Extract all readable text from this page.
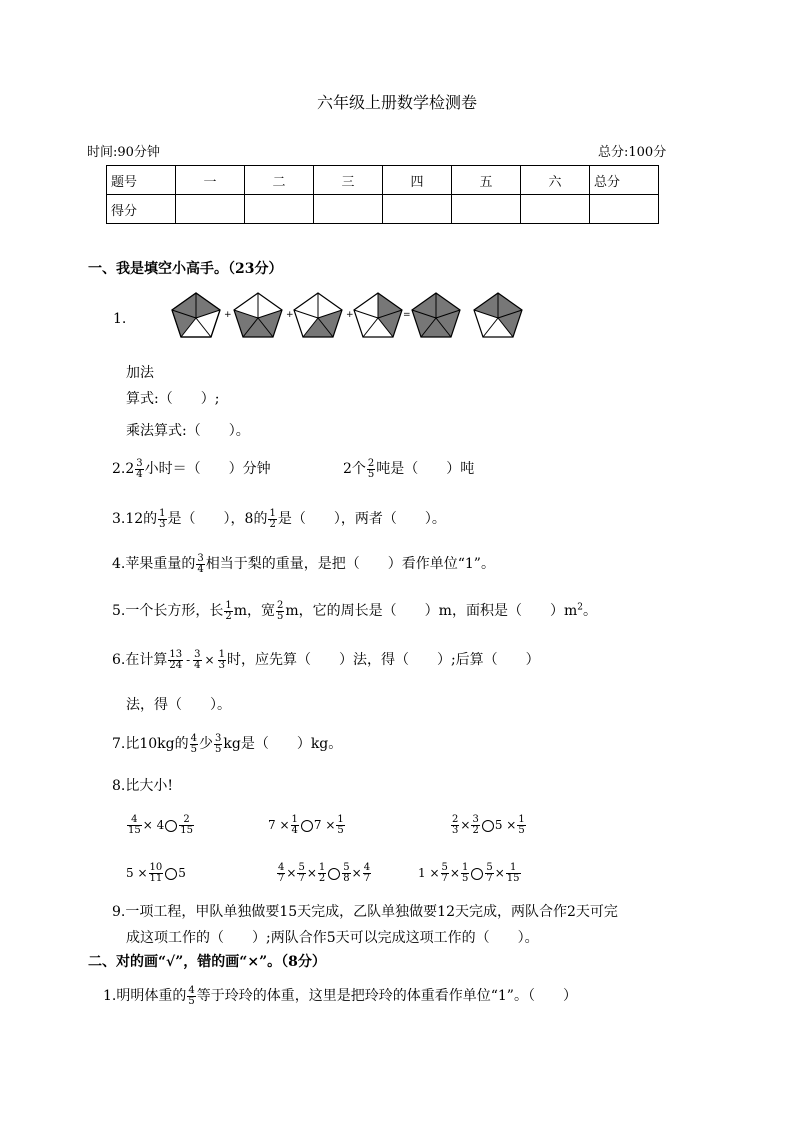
六年级上册数学检测卷
时间:90分钟	总分:100分
题号	一	二	三	四	五	六	总分
得分							
一、我是填空小高手。（23分）
1.	+	+	+	=
加法
算式:（　　）;
乘法算式:（　　）。
$2.2 \frac{3}{4}$ 小时＝（　　）分钟	2个 $\frac{2}{5}$ 吨是（　　）吨
3.12的 $\frac{1}{3}$ 是（　　），8的 $\frac{1}{2}$ 是（　　），两者（　　）。
4.苹果重量的 $\frac{3}{4}$ 相当于梨的重量，是把（　　）看作单位“1”。
5.一个长方形，长 $\frac{1}{2}$ m，宽 $\frac{2}{5}$ m，它的周长是（　　）m，面积是（　　）$m^2$。
6.在计算 $\frac{13}{24} - \frac{3}{4} \times \frac{1}{3}$ 时，应先算（　　）法，得（　　）;后算（　　）
法，得（　　）。
7.比10kg的 $\frac{4}{5}$ 少 $\frac{3}{5}$ kg是（　　）kg。
8.比大小!
$\frac{4}{15} \times 4 \frac{2}{15}$	$7 \times \frac{1}{4} 7 \times \frac{1}{5}$	$\frac{2}{3} \times \frac{3}{2} 5 \times \frac{1}{5}$
$5 \times \frac{10}{11} 5$	$\frac{4}{7} \times \frac{5}{7} \times \frac{1}{2} \frac{5}{8} \times \frac{4}{7}$	$1 \times \frac{5}{7} \times \frac{1}{5} \frac{5}{7} \times \frac{1}{15}$
9.一项工程，甲队单独做要15天完成，乙队单独做要12天完成，两队合作2天可完
成这项工作的（　　）;两队合作5天可以完成这项工作的（　　）。
二、对的画“√”，错的画“×”。（8分）
1.明明体重的 $\frac{4}{5}$ 等于玲玲的体重，这里是把玲玲的体重看作单位“1”。（　　）
